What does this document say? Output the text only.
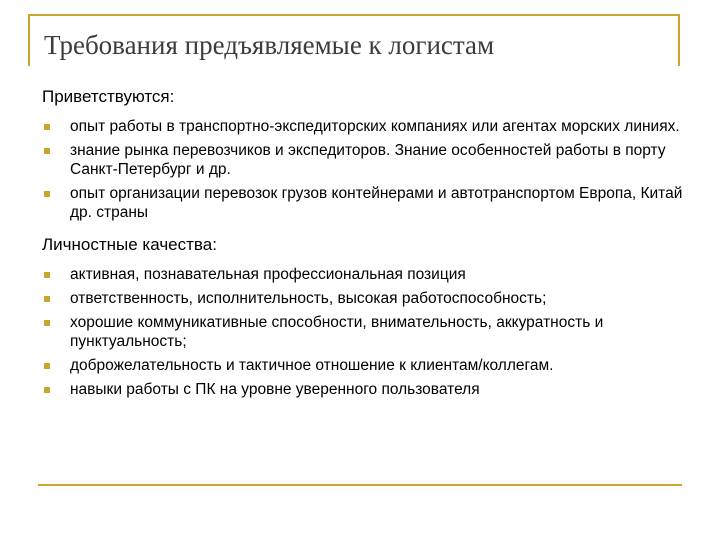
Требования предъявляемые к логистам
Приветствуются:
опыт работы в транспортно-экспедиторских компаниях или агентах морских линиях.
знание рынка перевозчиков и экспедиторов. Знание особенностей работы в порту Санкт-Петербург и др.
опыт организации перевозок грузов контейнерами и автотранспортом Европа, Китай др. страны
Личностные качества:
активная, познавательная профессиональная позиция
ответственность, исполнительность, высокая работоспособность;
хорошие коммуникативные способности, внимательность, аккуратность и пунктуальность;
доброжелательность и тактичное отношение к клиентам/коллегам.
навыки работы с ПК на уровне уверенного пользователя
